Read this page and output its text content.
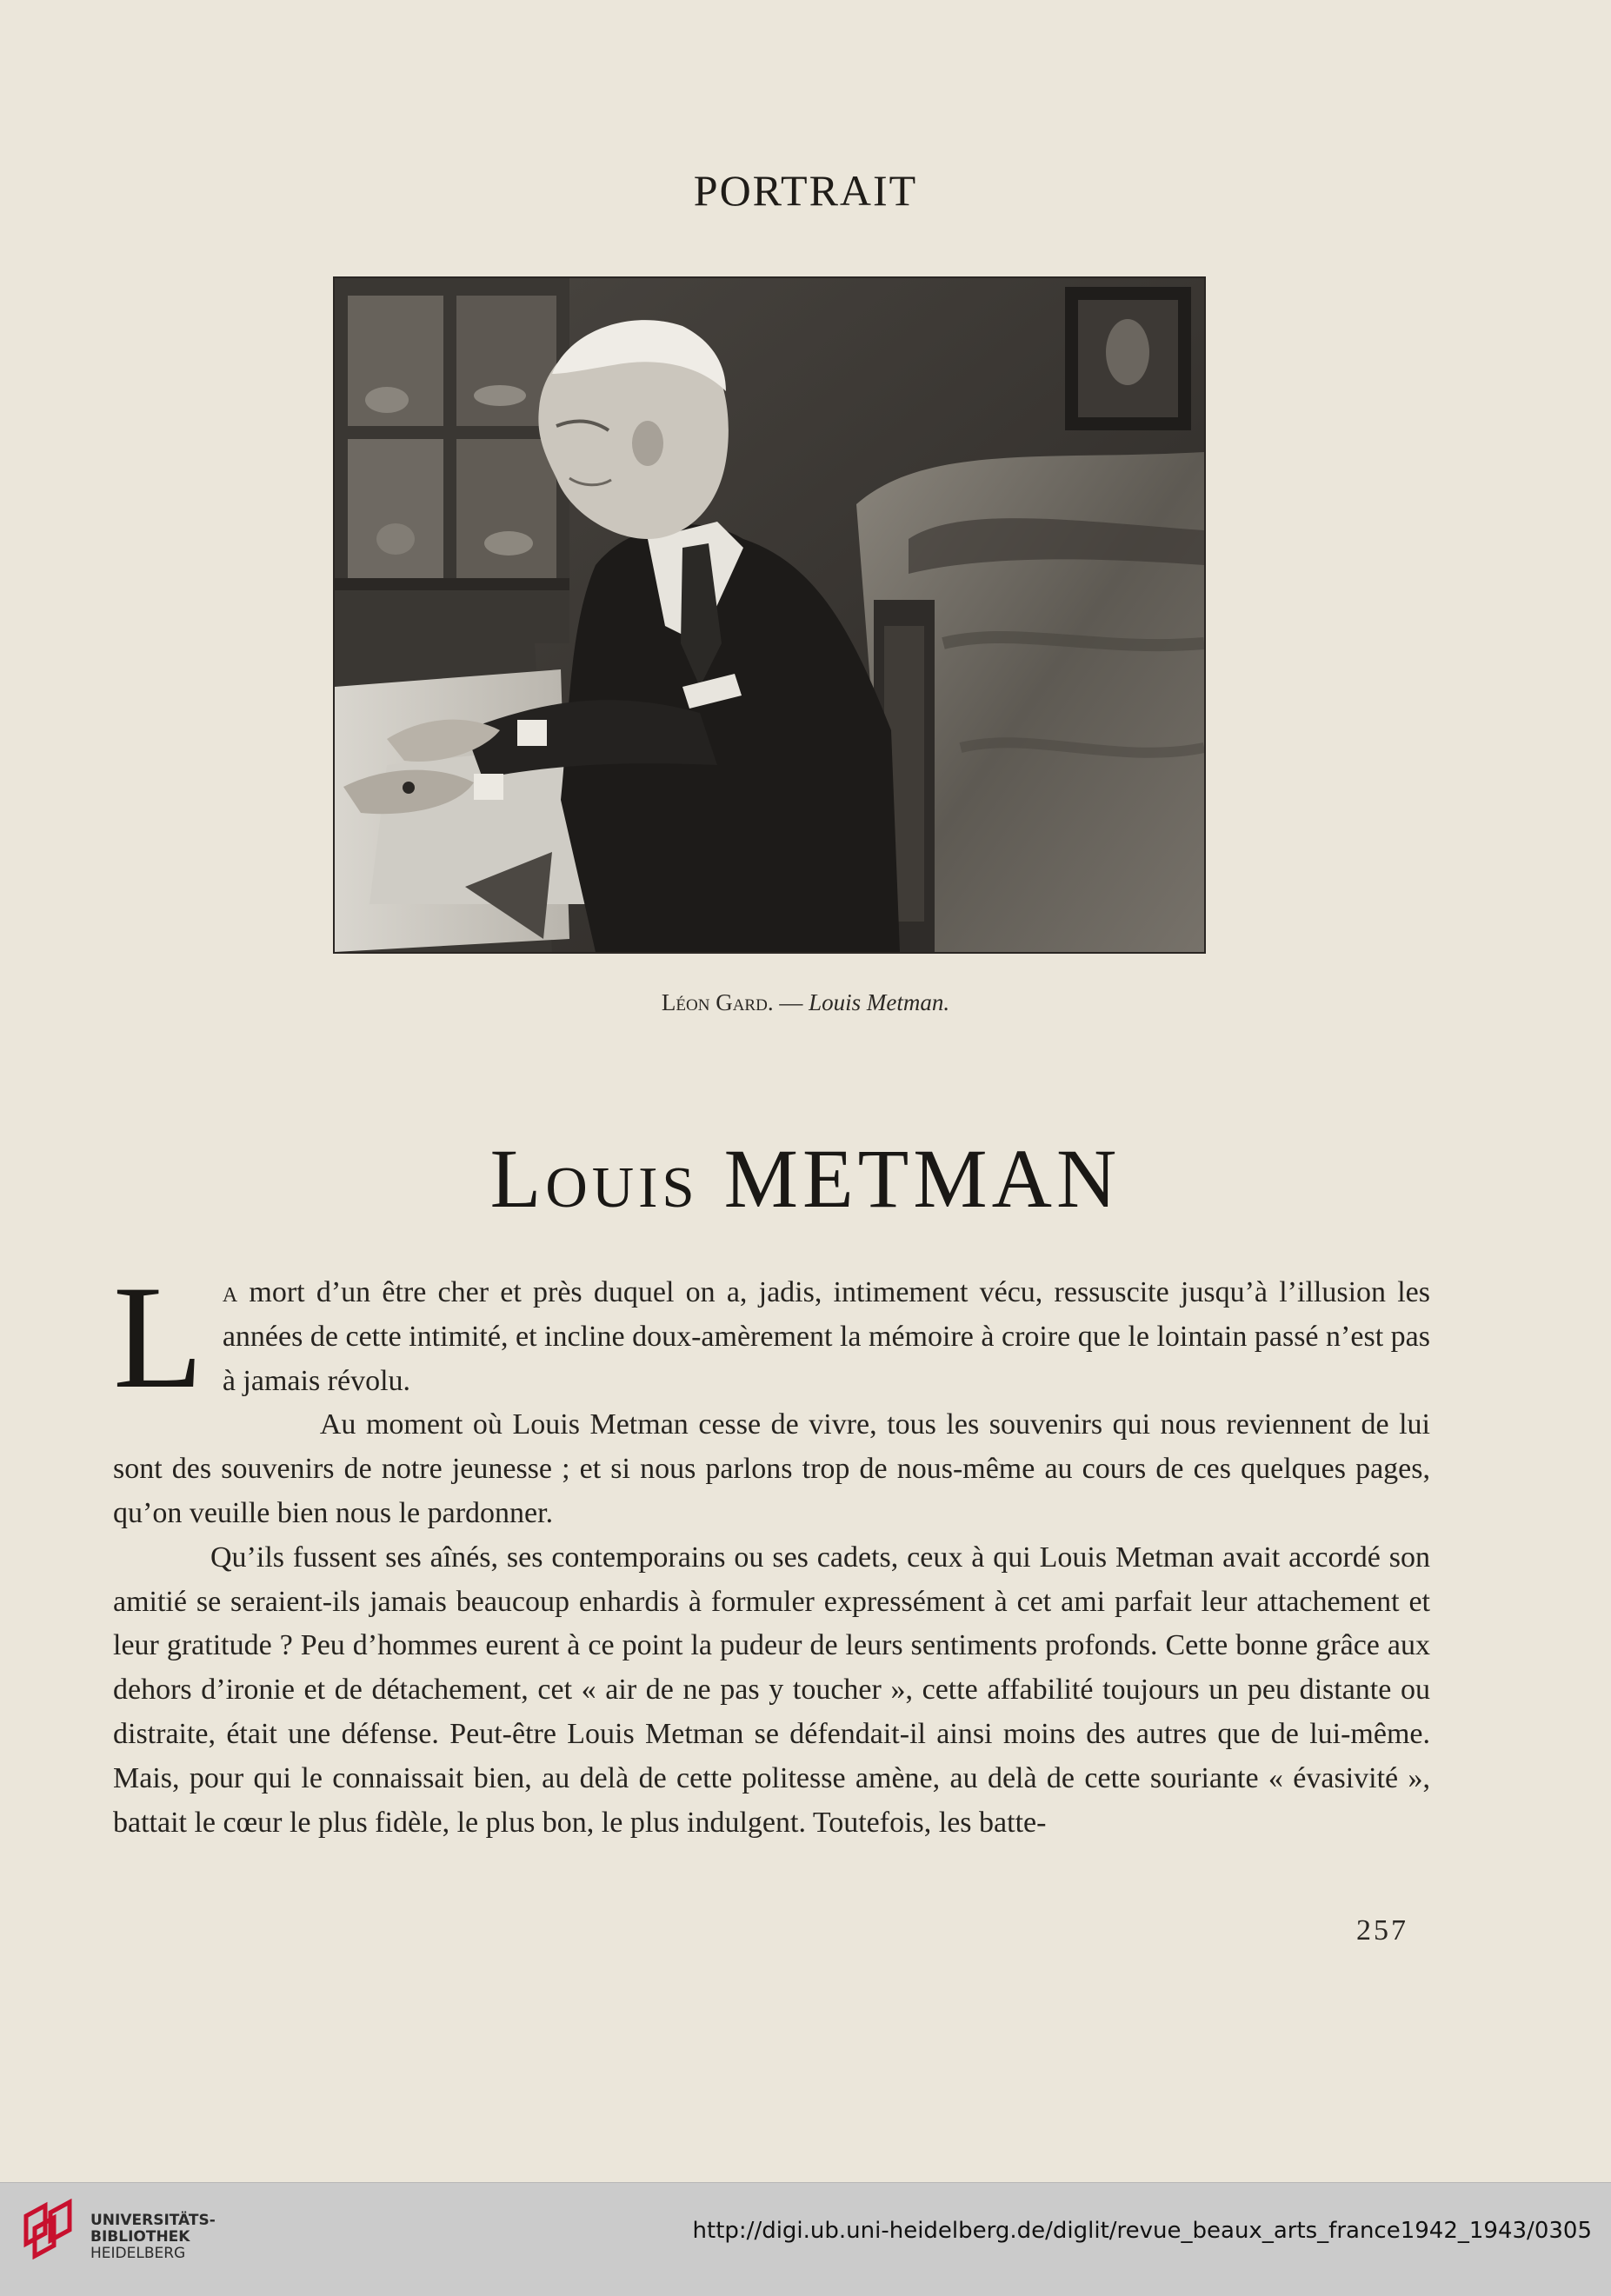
PORTRAIT
Léon Gard. — Louis Metman.
Louis METMAN

La mort d’un être cher et près duquel on a, jadis, intimement vécu, ressuscite jusqu’à l’illusion les années de cette intimité, et incline doux-amèrement la mémoire à croire que le lointain passé n’est pas à jamais révolu.

Au moment où Louis Metman cesse de vivre, tous les souvenirs qui nous reviennent de lui sont des souvenirs de notre jeunesse ; et si nous parlons trop de nous-même au cours de ces quelques pages, qu’on veuille bien nous le pardonner.

Qu’ils fussent ses aînés, ses contemporains ou ses cadets, ceux à qui Louis Metman avait accordé son amitié se seraient-ils jamais beaucoup enhardis à formuler expressément à cet ami parfait leur attachement et leur gratitude ? Peu d’hommes eurent à ce point la pudeur de leurs sentiments profonds. Cette bonne grâce aux dehors d’ironie et de détachement, cet « air de ne pas y toucher », cette affabilité toujours un peu distante ou distraite, était une défense. Peut-être Louis Metman se défendait-il ainsi moins des autres que de lui-même. Mais, pour qui le connaissait bien, au delà de cette politesse amène, au delà de cette souriante « évasivité », battait le cœur le plus fidèle, le plus bon, le plus indulgent. Toutefois, les batte-

257
UNIVERSITÄTS-
BIBLIOTHEK
HEIDELBERG
http://digi.ub.uni-heidelberg.de/diglit/revue_beaux_arts_france1942_1943/0305
